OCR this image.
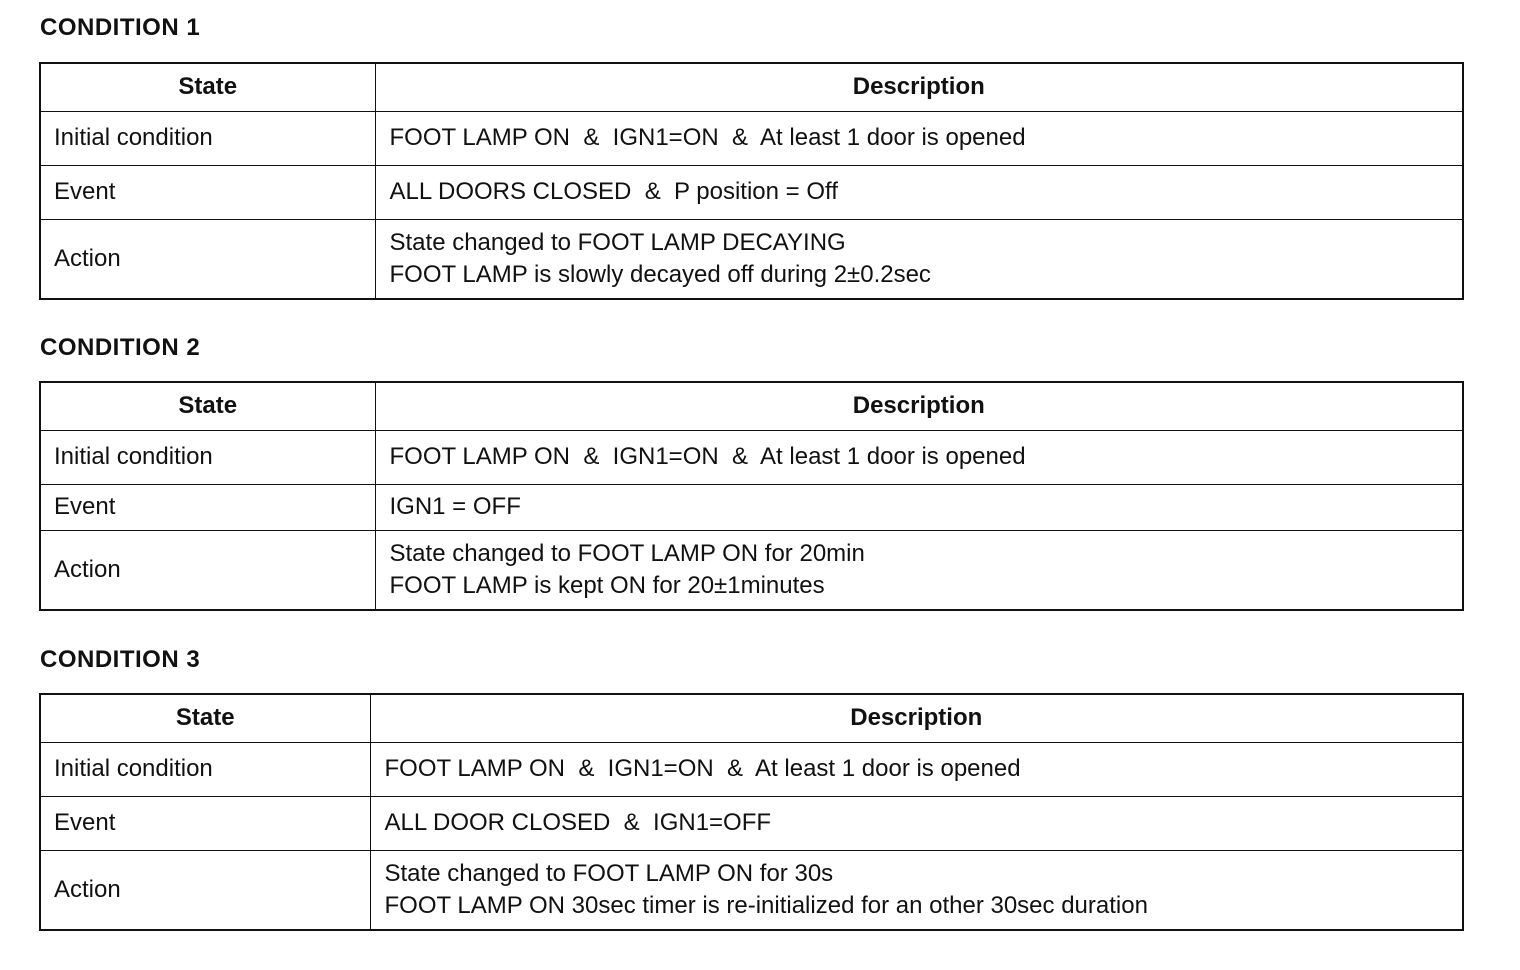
CONDITION 1
State	Description
Initial condition	FOOT LAMP ON  &  IGN1=ON  &  At least 1 door is opened

Event	ALL DOORS CLOSED  &  P position = Off

Action	State changed to FOOT LAMP DECAYING
FOOT LAMP is slowly decayed off during 2±0.2sec
CONDITION 2
State	Description
Initial condition	FOOT LAMP ON  &  IGN1=ON  &  At least 1 door is opened

Event	IGN1 = OFF

Action	State changed to FOOT LAMP ON for 20min
FOOT LAMP is kept ON for 20±1minutes
CONDITION 3
State	Description
Initial condition	FOOT LAMP ON  &  IGN1=ON  &  At least 1 door is opened

Event	ALL DOOR CLOSED  &  IGN1=OFF

Action	State changed to FOOT LAMP ON for 30s
FOOT LAMP ON 30sec timer is re-initialized for an other 30sec duration
